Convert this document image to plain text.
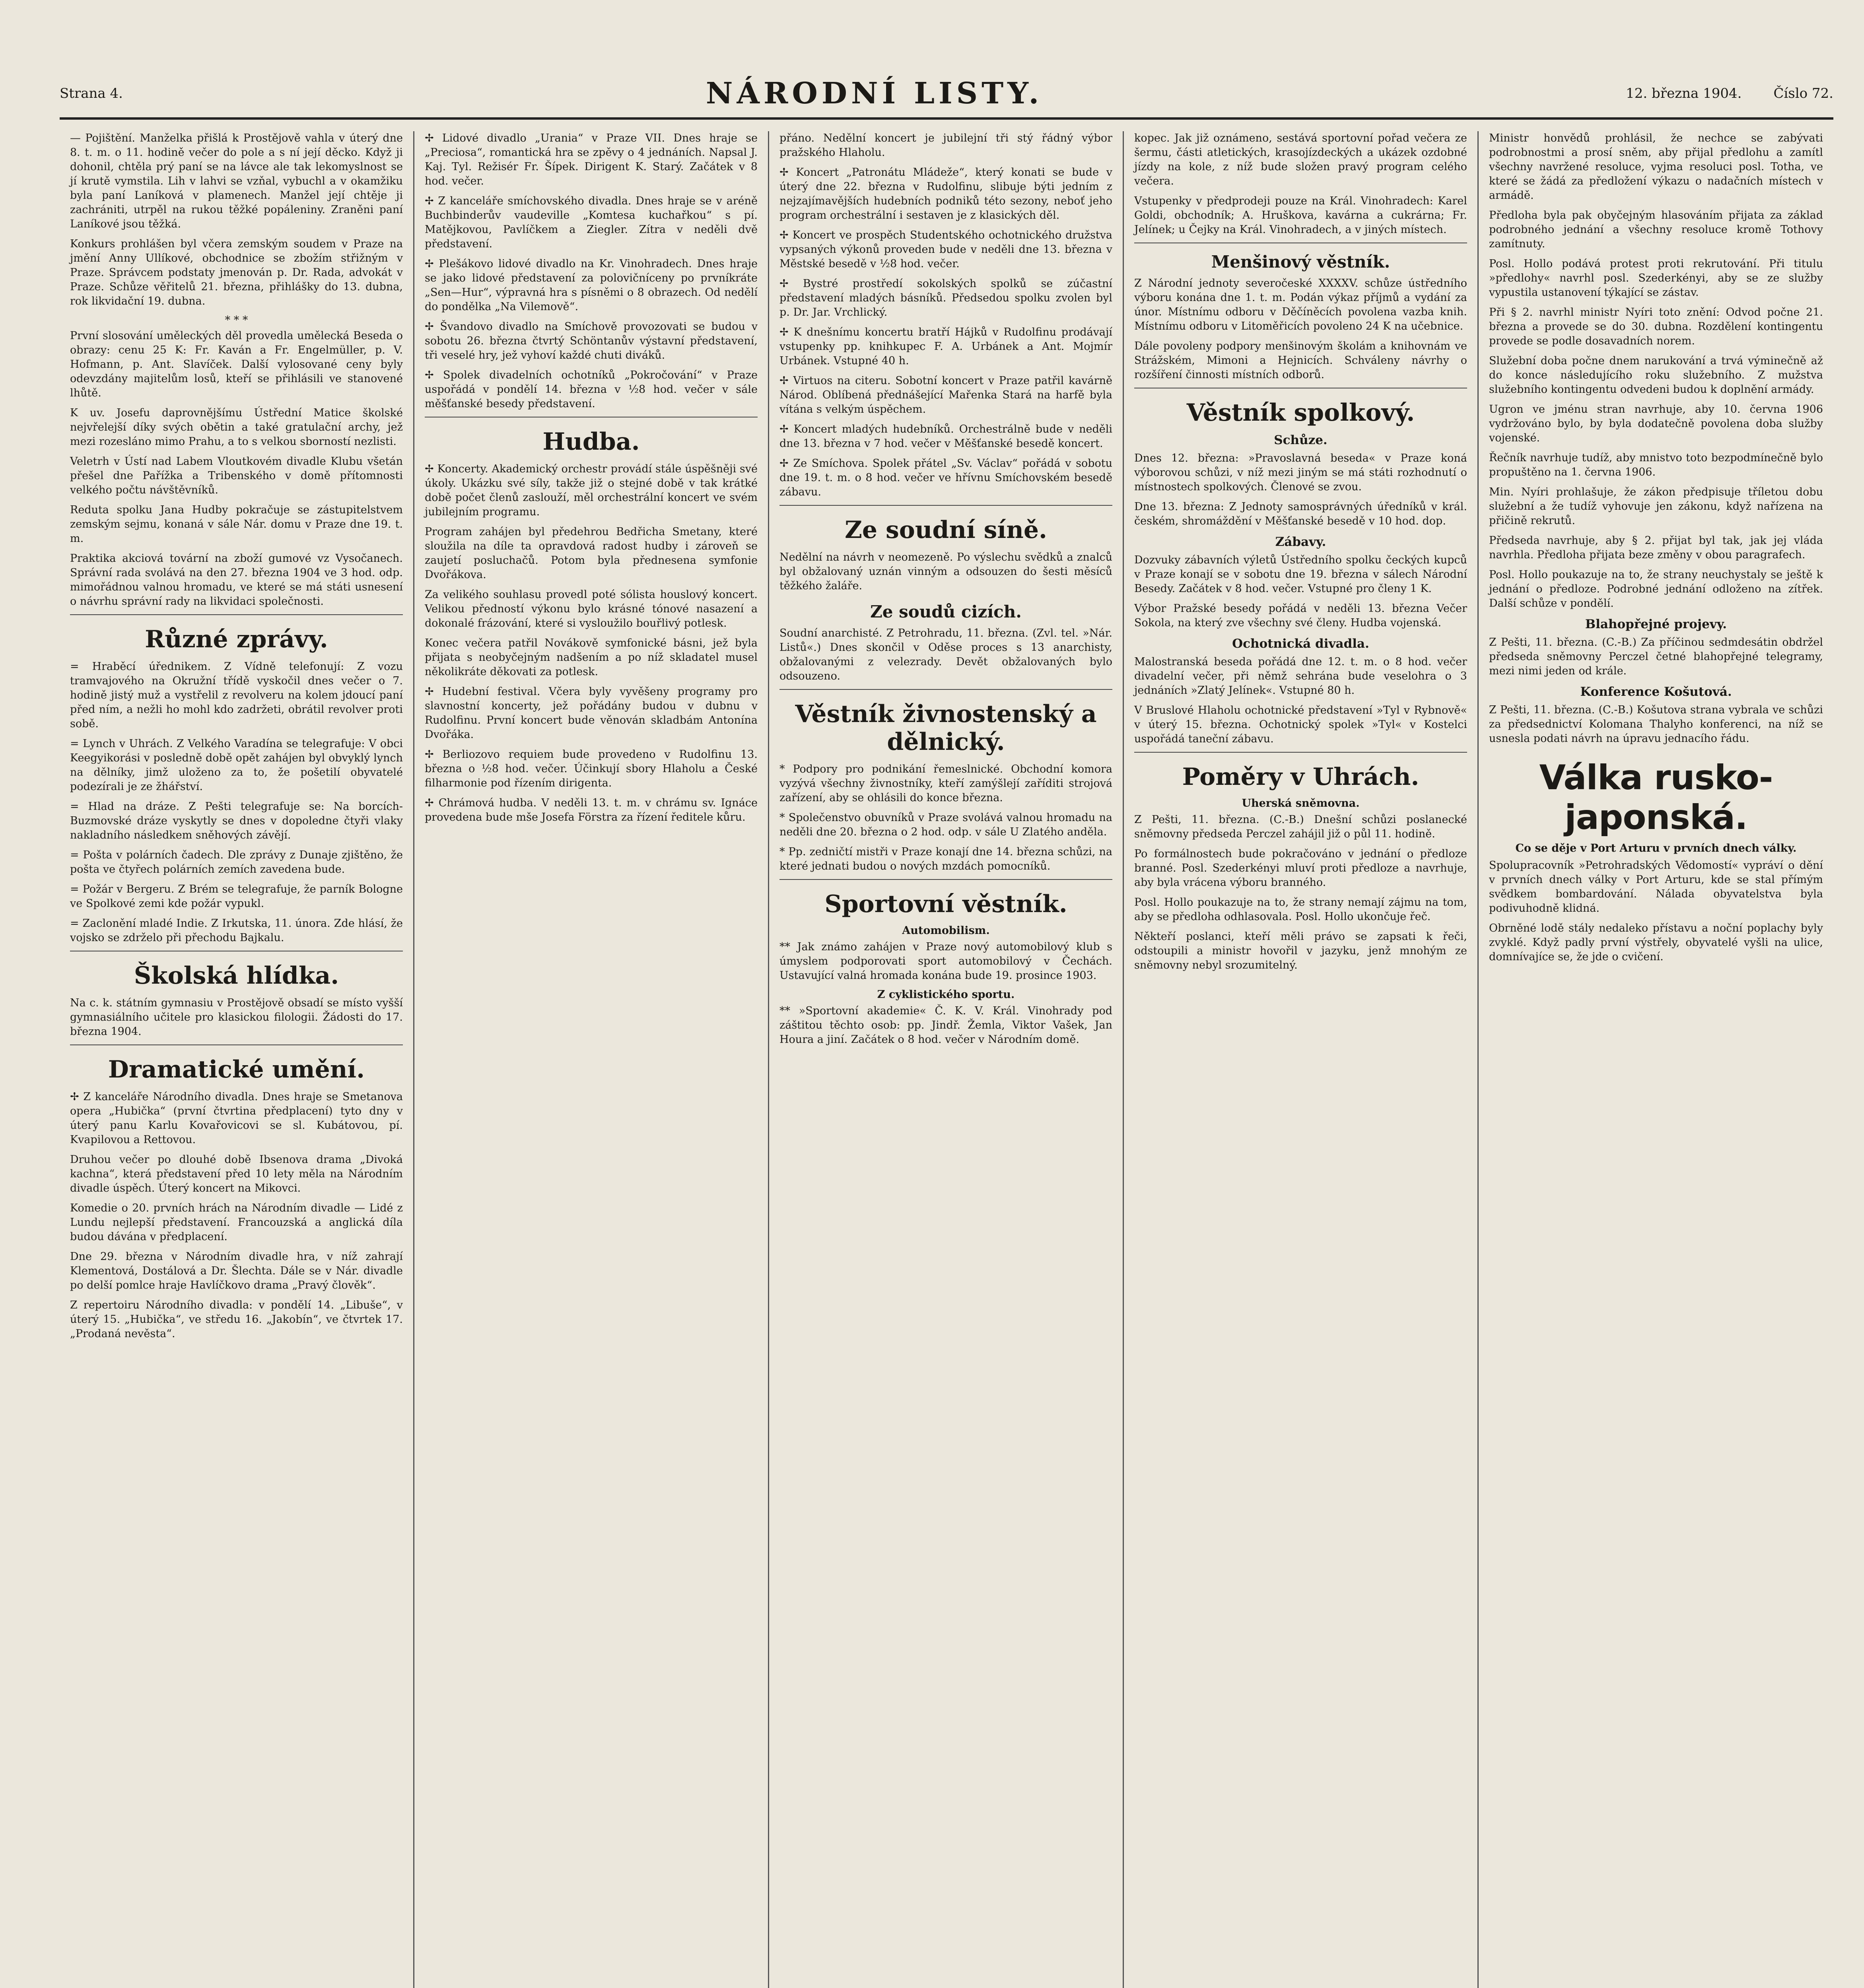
Strana 4.	NÁRODNÍ LISTY.	12. března 1904. Číslo 72.

— Pojištění. Manželka přišlá k Prostějově vahla v úterý dne 8. t. m. o 11. hodině večer do pole a s ní její děcko. Když ji dohonil, chtěla prý paní se na lávce ale tak lekomyslnost se jí krutě vymstila. Lih v lahvi se vzňal, vybuchl a v okamžiku byla paní Laníková v plamenech. Manžel její chtěje ji zachrániti, utrpěl na rukou těžké popáleniny. Zraněni paní Laníkové jsou těžká.

Konkurs prohlášen byl včera zemským soudem v Praze na jmění Anny Ullíkové, obchodnice se zbožím střižným v Praze. Správcem podstaty jmenován p. Dr. Rada, advokát v Praze. Schůze věřitelů 21. března, přihlášky do 13. dubna, rok likvidační 19. dubna.

* * *

První slosování uměleckých děl provedla umělecká Beseda o obrazy: cenu 25 K: Fr. Kaván a Fr. Engelmüller, p. V. Hofmann, p. Ant. Slavíček. Další vylosované ceny byly odevzdány majitelům losů, kteří se přihlásili ve stanovené lhůtě.

K uv. Josefu daprovnějšímu Ústřední Matice školské nejvřelejší díky svých obětin a také gratulační archy, jež mezi rozesláno mimo Prahu, a to s velkou sborností nezlisti.

Veletrh v Ústí nad Labem Vloutkovém divadle Klubu všetán přešel dne Pařížka a Tribenského v domě přítomnosti velkého počtu návštěvníků.

Reduta spolku Jana Hudby pokračuje se zástupitelstvem zemským sejmu, konaná v sále Nár. domu v Praze dne 19. t. m.

Praktika akciová tovární na zboží gumové vz Vysočanech. Správní rada svolává na den 27. března 1904 ve 3 hod. odp. mimořádnou valnou hromadu, ve které se má státi usnesení o návrhu správní rady na likvidaci společnosti.

Různé zprávy.

= Hraběcí úřednikem. Z Vídně telefonují: Z vozu tramvajového na Okružní třídě vyskočil dnes večer o 7. hodině jistý muž a vystřelil z revolveru na kolem jdoucí paní před ním, a nežli ho mohl kdo zadržeti, obrátil revolver proti sobě.

= Lynch v Uhrách. Z Velkého Varadína se telegrafuje: V obci Keegyikorási v posledně době opět zahájen byl obvyklý lynch na dělníky, jimž uloženo za to, že pošetilí obyvatelé podezírali je ze žhářství.

= Hlad na dráze. Z Pešti telegrafuje se: Na borcích-Buzmovské dráze vyskytly se dnes v dopoledne čtyři vlaky nakladního následkem sněhových závějí.

= Pošta v polárních čadech. Dle zprávy z Dunaje zjištěno, že pošta ve čtyřech polárních zemích zavedena bude.

= Požár v Bergeru. Z Brém se telegrafuje, že parník Bologne ve Spolkové zemi kde požár vypukl.

= Zaclonění mladé Indie. Z Irkutska, 11. února. Zde hlásí, že vojsko se zdrželo při přechodu Bajkalu.

Školská hlídka.

Na c. k. státním gymnasiu v Prostějově obsadí se místo vyšší gymnasiálního učitele pro klasickou filologii. Žádosti do 17. března 1904.

Dramatické umění.

✢ Z kanceláře Národního divadla. Dnes hraje se Smetanova opera „Hubička“ (první čtvrtina předplacení) tyto dny v úterý panu Karlu Kovařovicovi se sl. Kubátovou, pí. Kvapilovou a Rettovou.

Druhou večer po dlouhé době Ibsenova drama „Divoká kachna“, která představení před 10 lety měla na Národním divadle úspěch. Úterý koncert na Mikovci.

Komedie o 20. prvních hrách na Národním divadle — Lidé z Lundu nejlepší představení. Francouzská a anglická díla budou dávána v předplacení.

Dne 29. března v Národním divadle hra, v níž zahrají Klementová, Dostálová a Dr. Šlechta. Dále se v Nár. divadle po delší pomlce hraje Havlíčkovo drama „Pravý člověk“.

Z repertoiru Národního divadla: v pondělí 14. „Libuše“, v úterý 15. „Hubička“, ve středu 16. „Jakobín“, ve čtvrtek 17. „Prodaná nevěsta“.

✢ Lidové divadlo „Urania“ v Praze VII. Dnes hraje se „Preciosa“, romantická hra se zpěvy o 4 jednáních. Napsal J. Kaj. Tyl. Režisér Fr. Šípek. Dirigent K. Starý. Začátek v 8 hod. večer.

✢ Z kanceláře smíchovského divadla. Dnes hraje se v aréně Buchbinderův vaudeville „Komtesa kuchařkou“ s pí. Matějkovou, Pavlíčkem a Ziegler. Zítra v neděli dvě představení.

✢ Plešákovo lidové divadlo na Kr. Vinohradech. Dnes hraje se jako lidové představení za polovičníceny po prvníkráte „Sen—Hur“, výpravná hra s písněmi o 8 obrazech. Od nedělí do pondělka „Na Vilemově“.

✢ Švandovo divadlo na Smíchově provozovati se budou v sobotu 26. března čtvrtý Schöntanův výstavní představení, tři veselé hry, jež vyhoví každé chuti diváků.

✢ Spolek divadelních ochotníků „Pokročování“ v Praze uspořádá v pondělí 14. března v ½8 hod. večer v sále měšťanské besedy představení.

Hudba.

✢ Koncerty. Akademický orchestr provádí stále úspěšněji své úkoly. Ukázku své síly, takže již o stejné době v tak krátké době počet členů zaslouží, měl orchestrální koncert ve svém jubilejním programu.

Program zahájen byl předehrou Bedřicha Smetany, které sloužila na díle ta opravdová radost hudby i zároveň se zaujetí posluchačů. Potom byla přednesena symfonie Dvořákova.

Za velikého souhlasu provedl poté sólista houslový koncert. Velikou předností výkonu bylo krásné tónové nasazení a dokonalé frázování, které si vysloužilo bouřlivý potlesk.

Konec večera patřil Novákově symfonické básni, jež byla přijata s neobyčejným nadšením a po níž skladatel musel několikráte děkovati za potlesk.

✢ Hudební festival. Včera byly vyvěšeny programy pro slavnostní koncerty, jež pořádány budou v dubnu v Rudolfinu. První koncert bude věnován skladbám Antonína Dvořáka.

✢ Berliozovo requiem bude provedeno v Rudolfinu 13. března o ½8 hod. večer. Účinkují sbory Hlaholu a České filharmonie pod řízením dirigenta.

✢ Chrámová hudba. V neděli 13. t. m. v chrámu sv. Ignáce provedena bude mše Josefa Förstra za řízení ředitele kůru.

přáno. Nedělní koncert je jubilejní tři stý řádný výbor pražského Hlaholu.

✢ Koncert „Patronátu Mládeže“, který konati se bude v úterý dne 22. března v Rudolfinu, slibuje býti jedním z nejzajímavějších hudebních podniků této sezony, neboť jeho program orchestrální i sestaven je z klasických děl.

✢ Koncert ve prospěch Studentského ochotnického družstva vypsaných výkonů proveden bude v neděli dne 13. března v Městské besedě v ½8 hod. večer.

✢ Bystré prostředí sokolských spolků se zúčastní představení mladých básníků. Předsedou spolku zvolen byl p. Dr. Jar. Vrchlický.

✢ K dnešnímu koncertu bratří Hájků v Rudolfinu prodávají vstupenky pp. knihkupec F. A. Urbánek a Ant. Mojmír Urbánek. Vstupné 40 h.

✢ Virtuos na citeru. Sobotní koncert v Praze patřil kavárně Národ. Oblíbená přednášející Mařenka Stará na harfě byla vítána s velkým úspěchem.

✢ Koncert mladých hudebníků. Orchestrálně bude v neděli dne 13. března v 7 hod. večer v Měšťanské besedě koncert.

✢ Ze Smíchova. Spolek přátel „Sv. Václav“ pořádá v sobotu dne 19. t. m. o 8 hod. večer ve hřívnu Smíchovském besedě zábavu.

Ze soudní síně.

Nedělní na návrh v neomezeně. Po výslechu svědků a znalců byl obžalovaný uznán vinným a odsouzen do šesti měsíců těžkého žaláře.

Ze soudů cizích.

Soudní anarchisté. Z Petrohradu, 11. března. (Zvl. tel. »Nár. Listů«.) Dnes skončil v Oděse proces s 13 anarchisty, obžalovanými z velezrady. Devět obžalovaných bylo odsouzeno.

Věstník živnostenský a dělnický.

* Podpory pro podnikání řemeslnické. Obchodní komora vyzývá všechny živnostníky, kteří zamýšlejí zaříditi strojová zařízení, aby se ohlásili do konce března.

* Společenstvo obuvníků v Praze svolává valnou hromadu na neděli dne 20. března o 2 hod. odp. v sále U Zlatého anděla.

* Pp. zedničtí mistři v Praze konají dne 14. března schůzi, na které jednati budou o nových mzdách pomocníků.

Sportovní věstník.
Automobilism.

** Jak známo zahájen v Praze nový automobilový klub s úmyslem podporovati sport automobilový v Čechách. Ustavující valná hromada konána bude 19. prosince 1903.

Z cyklistického sportu.

** »Sportovní akademie« Č. K. V. Král. Vinohrady pod záštitou těchto osob: pp. Jindř. Žemla, Viktor Vašek, Jan Houra a jiní. Začátek o 8 hod. večer v Národním domě.

kopec. Jak již oznámeno, sestává sportovní pořad večera ze šermu, části atletických, krasojízdeckých a ukázek ozdobné jízdy na kole, z níž bude složen pravý program celého večera.

Vstupenky v předprodeji pouze na Král. Vinohradech: Karel Goldi, obchodník; A. Hruškova, kavárna a cukrárna; Fr. Jelínek; u Čejky na Král. Vinohradech, a v jiných místech.

Menšinový věstník.

Z Národní jednoty severočeské XXXXV. schůze ústředního výboru konána dne 1. t. m. Podán výkaz příjmů a vydání za únor. Místnímu odboru v Děčíněcích povolena vazba knih. Místnímu odboru v Litoměřicích povoleno 24 K na učebnice.

Dále povoleny podpory menšinovým školám a knihovnám ve Strážském, Mimoni a Hejnicích. Schváleny návrhy o rozšíření činnosti místních odborů.

Věstník spolkový.
Schůze.

Dnes 12. března: »Pravoslavná beseda« v Praze koná výborovou schůzi, v níž mezi jiným se má státi rozhodnutí o místnostech spolkových. Členové se zvou.

Dne 13. března: Z Jednoty samosprávných úředníků v král. českém, shromáždění v Měšťanské besedě v 10 hod. dop.

Zábavy.

Dozvuky zábavních výletů Ústředního spolku čeckých kupců v Praze konají se v sobotu dne 19. března v sálech Národní Besedy. Začátek v 8 hod. večer. Vstupné pro členy 1 K.

Výbor Pražské besedy pořádá v neděli 13. března Večer Sokola, na který zve všechny své členy. Hudba vojenská.

Ochotnická divadla.

Malostranská beseda pořádá dne 12. t. m. o 8 hod. večer divadelní večer, při němž sehrána bude veselohra o 3 jednáních »Zlatý Jelínek«. Vstupné 80 h.

V Bruslové Hlaholu ochotnické představení »Tyl v Rybnově« v úterý 15. března. Ochotnický spolek »Tyl« v Kostelci uspořádá taneční zábavu.

Poměry v Uhrách.
Uherská sněmovna.

Z Pešti, 11. března. (C.-B.) Dnešní schůzi poslanecké sněmovny předseda Perczel zahájil již o půl 11. hodině.

Po formálnostech bude pokračováno v jednání o předloze branné. Posl. Szederkényi mluví proti předloze a navrhuje, aby byla vrácena výboru branného.

Posl. Hollo poukazuje na to, že strany nemají zájmu na tom, aby se předloha odhlasovala. Posl. Hollo ukončuje řeč.

Někteří poslanci, kteří měli právo se zapsati k řeči, odstoupili a ministr hovořil v jazyku, jenž mnohým ze sněmovny nebyl srozumitelný.

Ministr honvědů prohlásil, že nechce se zabývati podrobnostmi a prosí sněm, aby přijal předlohu a zamítl všechny navržené resoluce, vyjma resoluci posl. Totha, ve které se žádá za předložení výkazu o nadačních místech v armádě.

Předloha byla pak obyčejným hlasováním přijata za základ podrobného jednání a všechny resoluce kromě Tothovy zamítnuty.

Posl. Hollo podává protest proti rekrutování. Při titulu »předlohy« navrhl posl. Szederkényi, aby se ze služby vypustila ustanovení týkající se zástav.

Při § 2. navrhl ministr Nyíri toto znění: Odvod počne 21. března a provede se do 30. dubna. Rozdělení kontingentu provede se podle dosavadních norem.

Služební doba počne dnem narukování a trvá výminečně až do konce následujícího roku služebního. Z mužstva služebního kontingentu odvedeni budou k doplnění armády.

Ugron ve jménu stran navrhuje, aby 10. června 1906 vydržováno bylo, by byla dodatečně povolena doba služby vojenské.

Řečník navrhuje tudíž, aby mnistvo toto bezpodmínečně bylo propuštěno na 1. června 1906.

Min. Nyíri prohlašuje, že zákon předpisuje tříletou dobu služební a že tudíž vyhovuje jen zákonu, když nařízena na přičině rekrutů.

Předseda navrhuje, aby § 2. přijat byl tak, jak jej vláda navrhla. Předloha přijata beze změny v obou paragrafech.

Posl. Hollo poukazuje na to, že strany neuchystaly se ještě k jednání o předloze. Podrobné jednání odloženo na zítřek. Další schůze v pondělí.

Blahopřejné projevy.

Z Pešti, 11. března. (C.-B.) Za příčinou sedmdesátin obdržel předseda sněmovny Perczel četné blahopřejné telegramy, mezi nimi jeden od krále.

Konference Košutová.

Z Pešti, 11. března. (C.-B.) Košutova strana vybrala ve schůzi za předsednictví Kolomana Thalyho konferenci, na níž se usnesla podati návrh na úpravu jednacího řádu.

Válka rusko-japonská.
Co se děje v Port Arturu v prvních dnech války.

Spolupracovník »Petrohradských Vědomostí« vypráví o dění v prvních dnech války v Port Arturu, kde se stal přímým svědkem bombardování. Nálada obyvatelstva byla podivuhodně klidná.

Obrněné lodě stály nedaleko přístavu a noční poplachy byly zvyklé. Když padly první výstřely, obyvatelé vyšli na ulice, domnívajíce se, že jde o cvičení.
